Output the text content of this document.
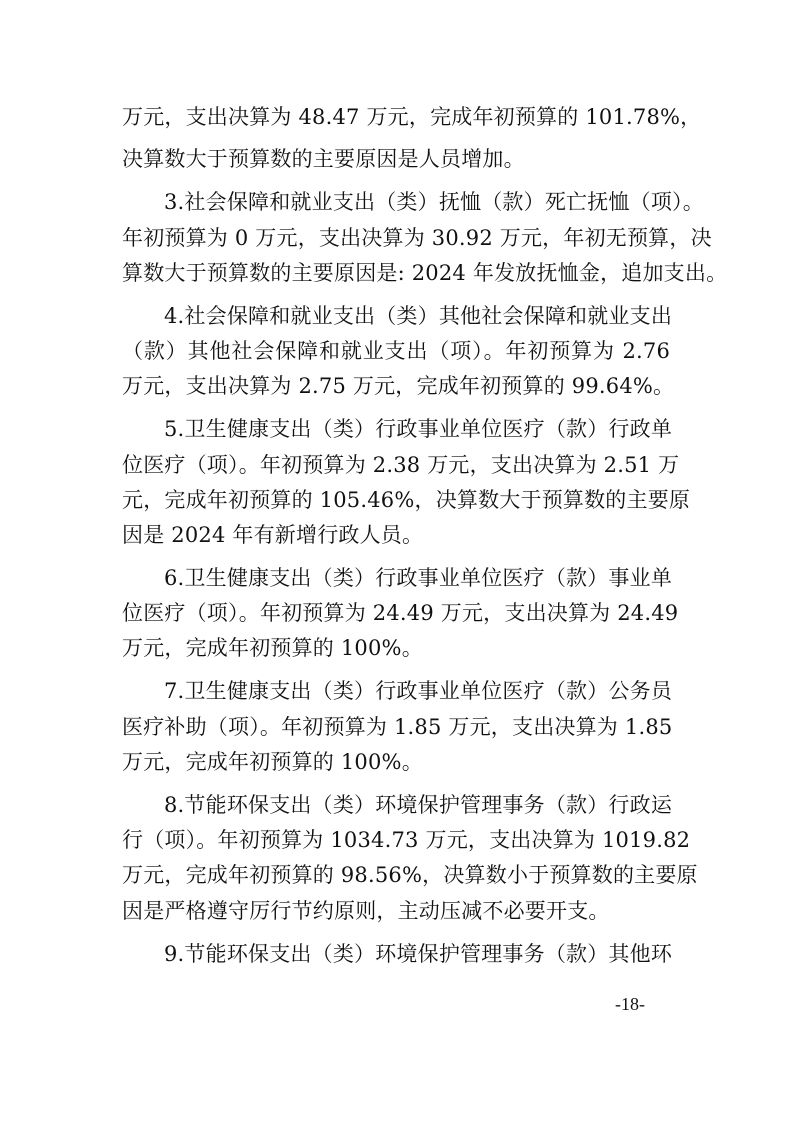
万元，支出决算为 48.47 万元，完成年初预算的 101.78%，
决算数大于预算数的主要原因是人员增加。
3.社会保障和就业支出（类）抚恤（款）死亡抚恤（项）。
年初预算为 0 万元，支出决算为 30.92 万元，年初无预算，决
算数大于预算数的主要原因是: 2024 年发放抚恤金，追加支出。
4.社会保障和就业支出（类）其他社会保障和就业支出
（款）其他社会保障和就业支出（项）。年初预算为 2.76
万元，支出决算为 2.75 万元，完成年初预算的 99.64%。
5.卫生健康支出（类）行政事业单位医疗（款）行政单
位医疗（项）。年初预算为 2.38 万元，支出决算为 2.51 万
元，完成年初预算的 105.46%，决算数大于预算数的主要原
因是 2024 年有新增行政人员。
6.卫生健康支出（类）行政事业单位医疗（款）事业单
位医疗（项）。年初预算为 24.49 万元，支出决算为 24.49
万元，完成年初预算的 100%。
7.卫生健康支出（类）行政事业单位医疗（款）公务员
医疗补助（项）。年初预算为 1.85 万元，支出决算为 1.85
万元，完成年初预算的 100%。
8.节能环保支出（类）环境保护管理事务（款）行政运
行（项）。年初预算为 1034.73 万元，支出决算为 1019.82
万元，完成年初预算的 98.56%，决算数小于预算数的主要原
因是严格遵守厉行节约原则，主动压减不必要开支。
9.节能环保支出（类）环境保护管理事务（款）其他环
-18-
